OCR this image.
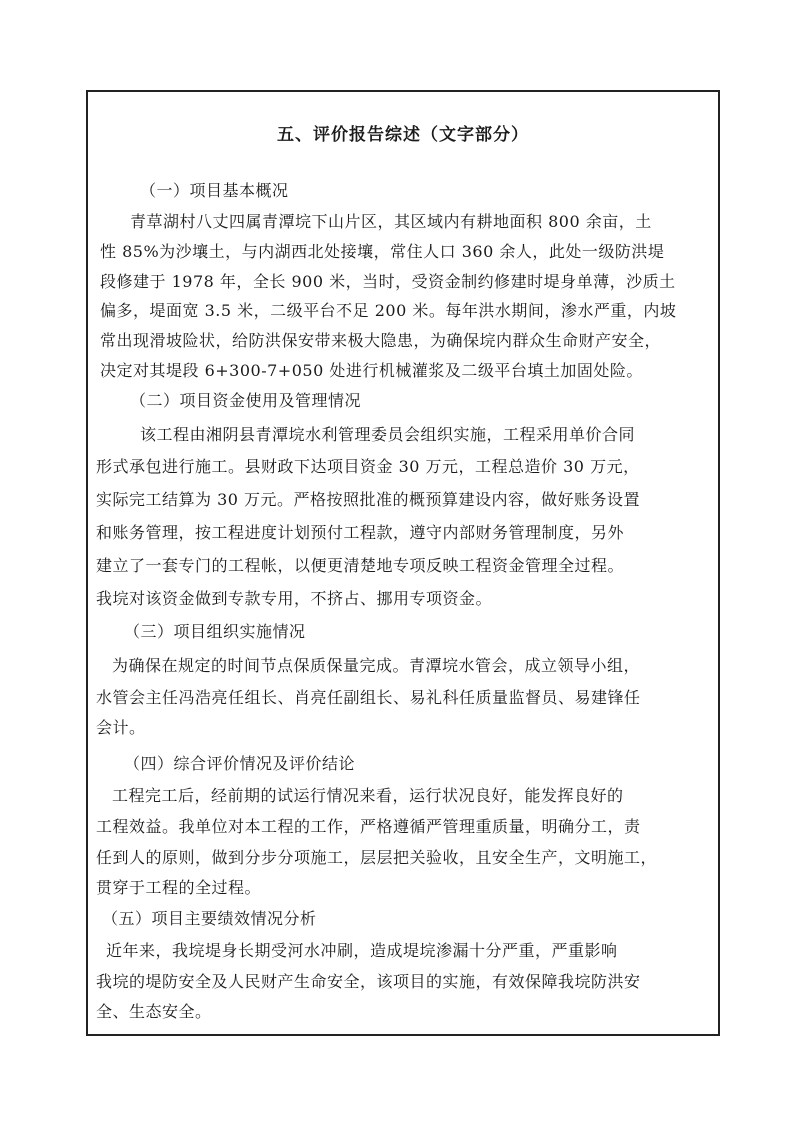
五、评价报告综述（文字部分）
（一）项目基本概况
青草湖村八丈四属青潭垸下山片区，其区域内有耕地面积 800 余亩，土
性 85%为沙壤土，与内湖西北处接壤，常住人口 360 余人，此处一级防洪堤
段修建于 1978 年，全长 900 米，当时，受资金制约修建时堤身单薄，沙质土
偏多，堤面宽 3.5 米，二级平台不足 200 米。每年洪水期间，渗水严重，内坡
常出现滑坡险状，给防洪保安带来极大隐患，为确保垸内群众生命财产安全，
决定对其堤段 6+300-7+050 处进行机械灌浆及二级平台填土加固处险。
（二）项目资金使用及管理情况
该工程由湘阴县青潭垸水利管理委员会组织实施，工程采用单价合同
形式承包进行施工。县财政下达项目资金 30 万元，工程总造价 30 万元，
实际完工结算为 30 万元。严格按照批准的概预算建设内容，做好账务设置
和账务管理，按工程进度计划预付工程款，遵守内部财务管理制度，另外
建立了一套专门的工程帐，以便更清楚地专项反映工程资金管理全过程。
我垸对该资金做到专款专用，不挤占、挪用专项资金。
（三）项目组织实施情况
为确保在规定的时间节点保质保量完成。青潭垸水管会，成立领导小组，
水管会主任冯浩亮任组长、肖亮任副组长、易礼科任质量监督员、易建锋任
会计。
（四）综合评价情况及评价结论
工程完工后，经前期的试运行情况来看，运行状况良好，能发挥良好的
工程效益。我单位对本工程的工作，严格遵循严管理重质量，明确分工，责
任到人的原则，做到分步分项施工，层层把关验收，且安全生产，文明施工，
贯穿于工程的全过程。
（五）项目主要绩效情况分析
近年来，我垸堤身长期受河水冲刷，造成堤垸渗漏十分严重，严重影响
我垸的堤防安全及人民财产生命安全，该项目的实施，有效保障我垸防洪安
全、生态安全。
